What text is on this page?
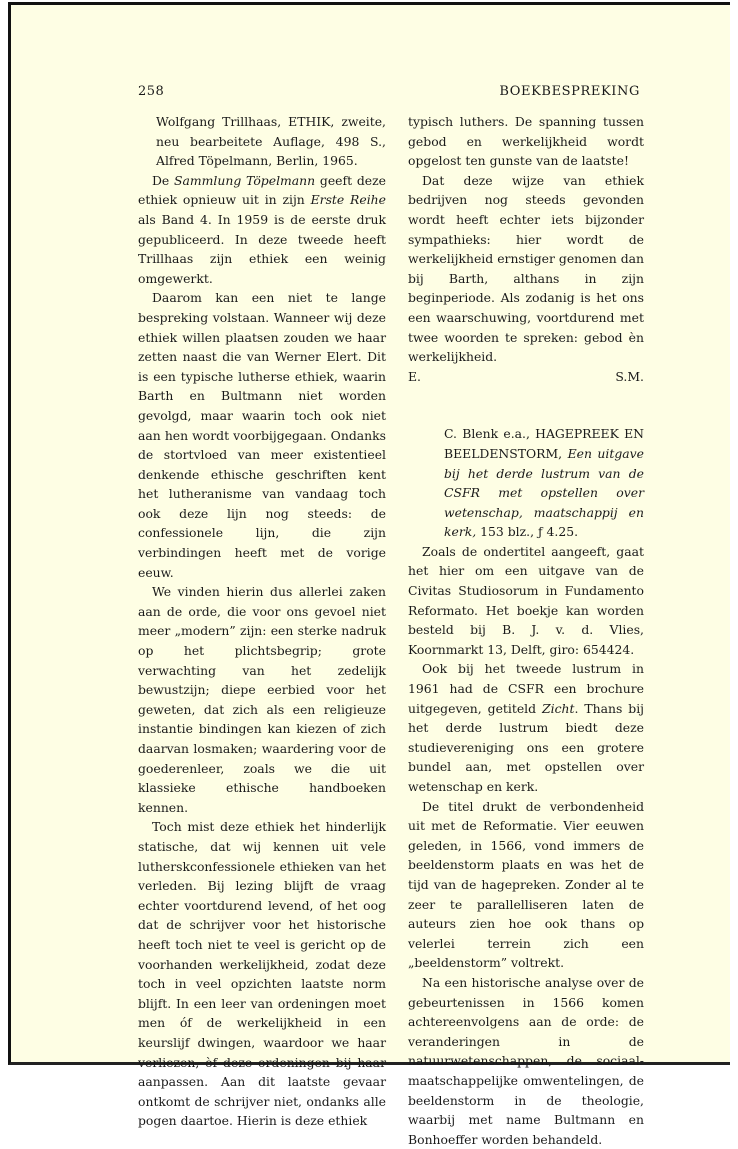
258	BOEKBESPREKING

Wolfgang Trillhaas, ETHIK, zweite, neu bearbeitete Auflage, 498 S., Alfred Töpelmann, Berlin, 1965.

De Sammlung Töpelmann geeft deze ethiek opnieuw uit in zijn Erste Reihe als Band 4. In 1959 is de eerste druk gepubliceerd. In deze tweede heeft Trillhaas zijn ethiek een weinig omgewerkt.

Daarom kan een niet te lange bespreking volstaan. Wanneer wij deze ethiek willen plaatsen zouden we haar zetten naast die van Werner Elert. Dit is een typische lutherse ethiek, waarin Barth en Bultmann niet worden gevolgd, maar waarin toch ook niet aan hen wordt voorbijgegaan. Ondanks de stortvloed van meer existentieel denkende ethische geschriften kent het lutheranisme van vandaag toch ook deze lijn nog steeds: de confessionele lijn, die zijn verbindingen heeft met de vorige eeuw.

We vinden hierin dus allerlei zaken aan de orde, die voor ons gevoel niet meer „modern” zijn: een sterke nadruk op het plichtsbegrip; grote verwachting van het zedelijk bewustzijn; diepe eerbied voor het geweten, dat zich als een religieuze instantie bindingen kan kiezen of zich daarvan losmaken; waardering voor de goederenleer, zoals we die uit klassieke ethische handboeken kennen.

Toch mist deze ethiek het hinderlijk statische, dat wij kennen uit vele lutherskconfessionele ethieken van het verleden. Bij lezing blijft de vraag echter voortdurend levend, of het oog dat de schrijver voor het historische heeft toch niet te veel is gericht op de voorhanden werkelijkheid, zodat deze toch in veel opzichten laatste norm blijft. In een leer van ordeningen moet men óf de werkelijkheid in een keurslijf dwingen, waardoor we haar verliezen, òf deze ordeningen bij haar aanpassen. Aan dit laatste gevaar ontkomt de schrijver niet, ondanks alle pogen daartoe. Hierin is deze ethiek

typisch luthers. De spanning tussen gebod en werkelijkheid wordt opgelost ten gunste van de laatste!

Dat deze wijze van ethiek bedrijven nog steeds gevonden wordt heeft echter iets bijzonder sympathieks: hier wordt de werkelijkheid ernstiger genomen dan bij Barth, althans in zijn beginperiode. Als zodanig is het ons een waarschuwing, voortdurend met twee woorden te spreken: gebod èn werkelijkheid.

E.	S.M.

C. Blenk e.a., HAGEPREEK EN BEELDENSTORM, Een uitgave bij het derde lustrum van de CSFR met opstellen over wetenschap, maatschappij en kerk, 153 blz., ƒ 4.25.

Zoals de ondertitel aangeeft, gaat het hier om een uitgave van de Civitas Studiosorum in Fundamento Reformato. Het boekje kan worden besteld bij B. J. v. d. Vlies, Koornmarkt 13, Delft, giro: 654424.

Ook bij het tweede lustrum in 1961 had de CSFR een brochure uitgegeven, getiteld Zicht. Thans bij het derde lustrum biedt deze studievereniging ons een grotere bundel aan, met opstellen over wetenschap en kerk.

De titel drukt de verbondenheid uit met de Reformatie. Vier eeuwen geleden, in 1566, vond immers de beeldenstorm plaats en was het de tijd van de hagepreken. Zonder al te zeer te parallelliseren laten de auteurs zien hoe ook thans op velerlei terrein zich een „beeldenstorm” voltrekt.

Na een historische analyse over de gebeurtenissen in 1566 komen achtereenvolgens aan de orde: de veranderingen in de natuurwetenschappen, de sociaal-maatschappelijke omwentelingen, de beeldenstorm in de theologie, waarbij met name Bultmann en Bonhoeffer worden behandeld.
